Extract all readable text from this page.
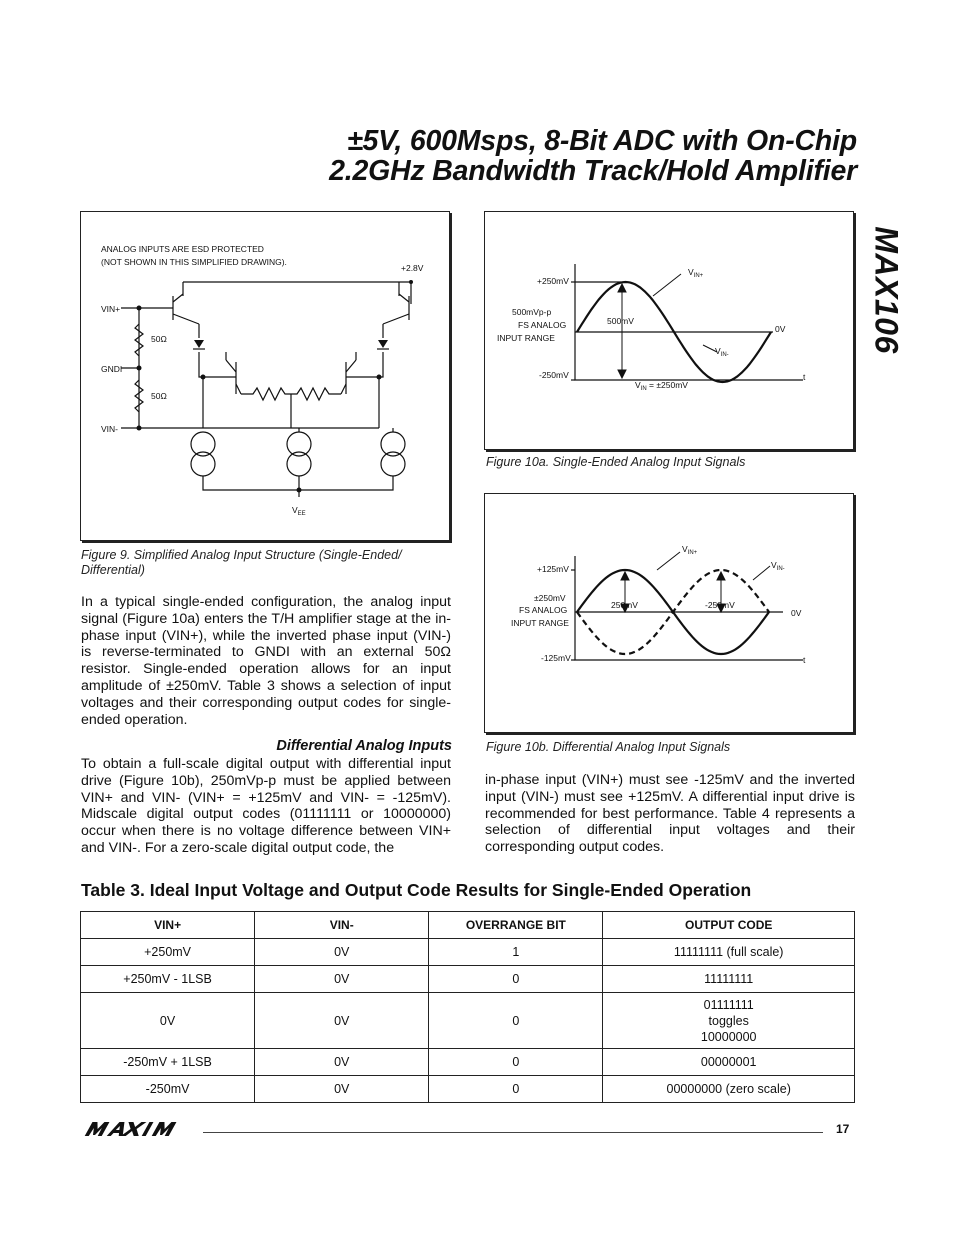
±5V, 600Msps, 8-Bit ADC with On-Chip
2.2GHz Bandwidth Track/Hold Amplifier
MAX106
ANALOG INPUTS ARE ESD PROTECTED
(NOT SHOWN IN THIS SIMPLIFIED DRAWING).
+2.8V
VIN+
GNDI
VIN-
50Ω
50Ω
$V_{EE}$
Figure 9. Simplified Analog Input Structure (Single-Ended/ Differential)
+250mV
500mVp-p
FS ANALOG
INPUT RANGE
-250mV
500mV
0V
t
$V_{IN+}$
$V_{IN-}$
$V_{IN} = \pm 250mV$
Figure 10a. Single-Ended Analog Input Signals
+125mV
±250mV
FS ANALOG
INPUT RANGE
-125mV
250mV	-250mV
0V
t
$V_{IN+}$
$V_{IN-}$
Figure 10b. Differential Analog Input Signals
In a typical single-ended configuration, the analog input signal (Figure 10a) enters the T/H amplifier stage at the in-phase input (VIN+), while the inverted phase input (VIN-) is reverse-terminated to GNDI with an external 50Ω resistor. Single-ended operation allows for an input amplitude of ±250mV. Table 3 shows a selection of input voltages and their corresponding output codes for single-ended operation.
Differential Analog Inputs
To obtain a full-scale digital output with differential input drive (Figure 10b), 250mVp-p must be applied between VIN+ and VIN- (VIN+ = +125mV and VIN- = -125mV). Midscale digital output codes (01111111 or 10000000) occur when there is no voltage difference between VIN+ and VIN-. For a zero-scale digital output code, the
in-phase input (VIN+) must see -125mV and the inverted input (VIN-) must see +125mV. A differential input drive is recommended for best performance. Table 4 represents a selection of differential input voltages and their corresponding output codes.
Table 3. Ideal Input Voltage and Output Code Results for Single-Ended Operation
VIN+	VIN-	OVERRANGE BIT	OUTPUT CODE
+250mV	0V	1	11111111 (full scale)
+250mV - 1LSB	0V	0	11111111
0V	0V	0	01111111
toggles
10000000

-250mV + 1LSB	0V	0	00000001
-250mV	0V	0	00000000 (zero scale)
17
